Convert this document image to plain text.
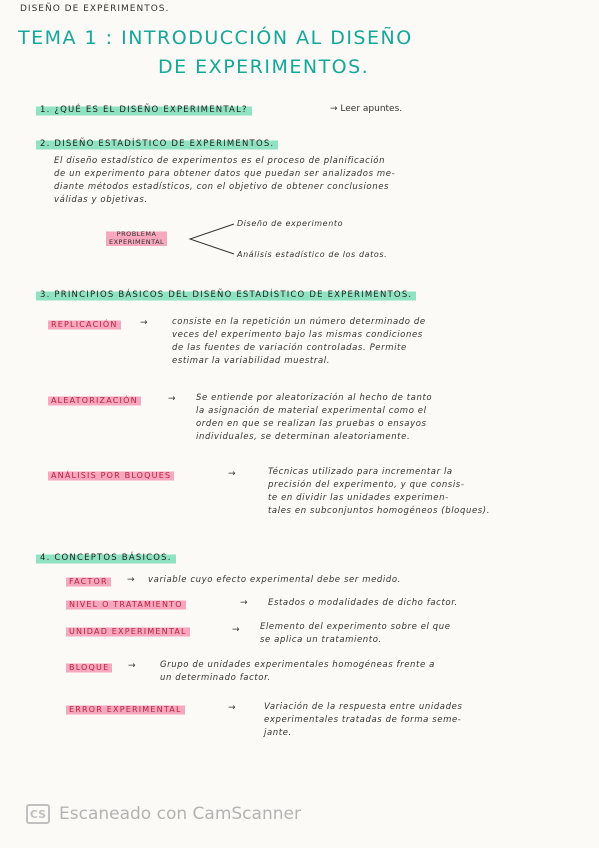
DISEÑO DE EXPERIMENTOS.
TEMA 1 : INTRODUCCIÓN AL DISEÑO
DE EXPERIMENTOS.
1. ¿QUÉ ES EL DISEÑO EXPERIMENTAL?	→ Leer apuntes.
2. DISEÑO ESTADÍSTICO DE EXPERIMENTOS.
El diseño estadístico de experimentos es el proceso de planificación
de un experimento para obtener datos que puedan ser analizados me-
diante métodos estadísticos, con el objetivo de obtener conclusiones
válidas y objetivas.
PROBLEMA
EXPERIMENTAL
Diseño de experimento
Análisis estadístico de los datos.
3. PRINCIPIOS BÁSICOS DEL DISEÑO ESTADÍSTICO DE EXPERIMENTOS.
REPLICACIÓN	→	consiste en la repetición un número determinado de
veces del experimento bajo las mismas condiciones
de las fuentes de variación controladas. Permite
estimar la variabilidad muestral.
ALEATORIZACIÓN	→ Se entiende por aleatorización al hecho de tanto
la asignación de material experimental como el
orden en que se realizan las pruebas o ensayos
individuales, se determinan aleatoriamente.
ANÁLISIS POR BLOQUES	→	Técnicas utilizado para incrementar la
precisión del experimento, y que consis-
te en dividir las unidades experimen-
tales en subconjuntos homogéneos (bloques).
4. CONCEPTOS BÁSICOS.
FACTOR	→ variable cuyo efecto experimental debe ser medido.
NIVEL O TRATAMIENTO	→ Estados o modalidades de dicho factor.
UNIDAD EXPERIMENTAL	→ Elemento del experimento sobre el que
se aplica un tratamiento.
BLOQUE	→	Grupo de unidades experimentales homogéneas frente a
un determinado factor.
ERROR EXPERIMENTAL	→	Variación de la respuesta entre unidades
experimentales tratadas de forma seme-
jante.
CS Escaneado con CamScanner
